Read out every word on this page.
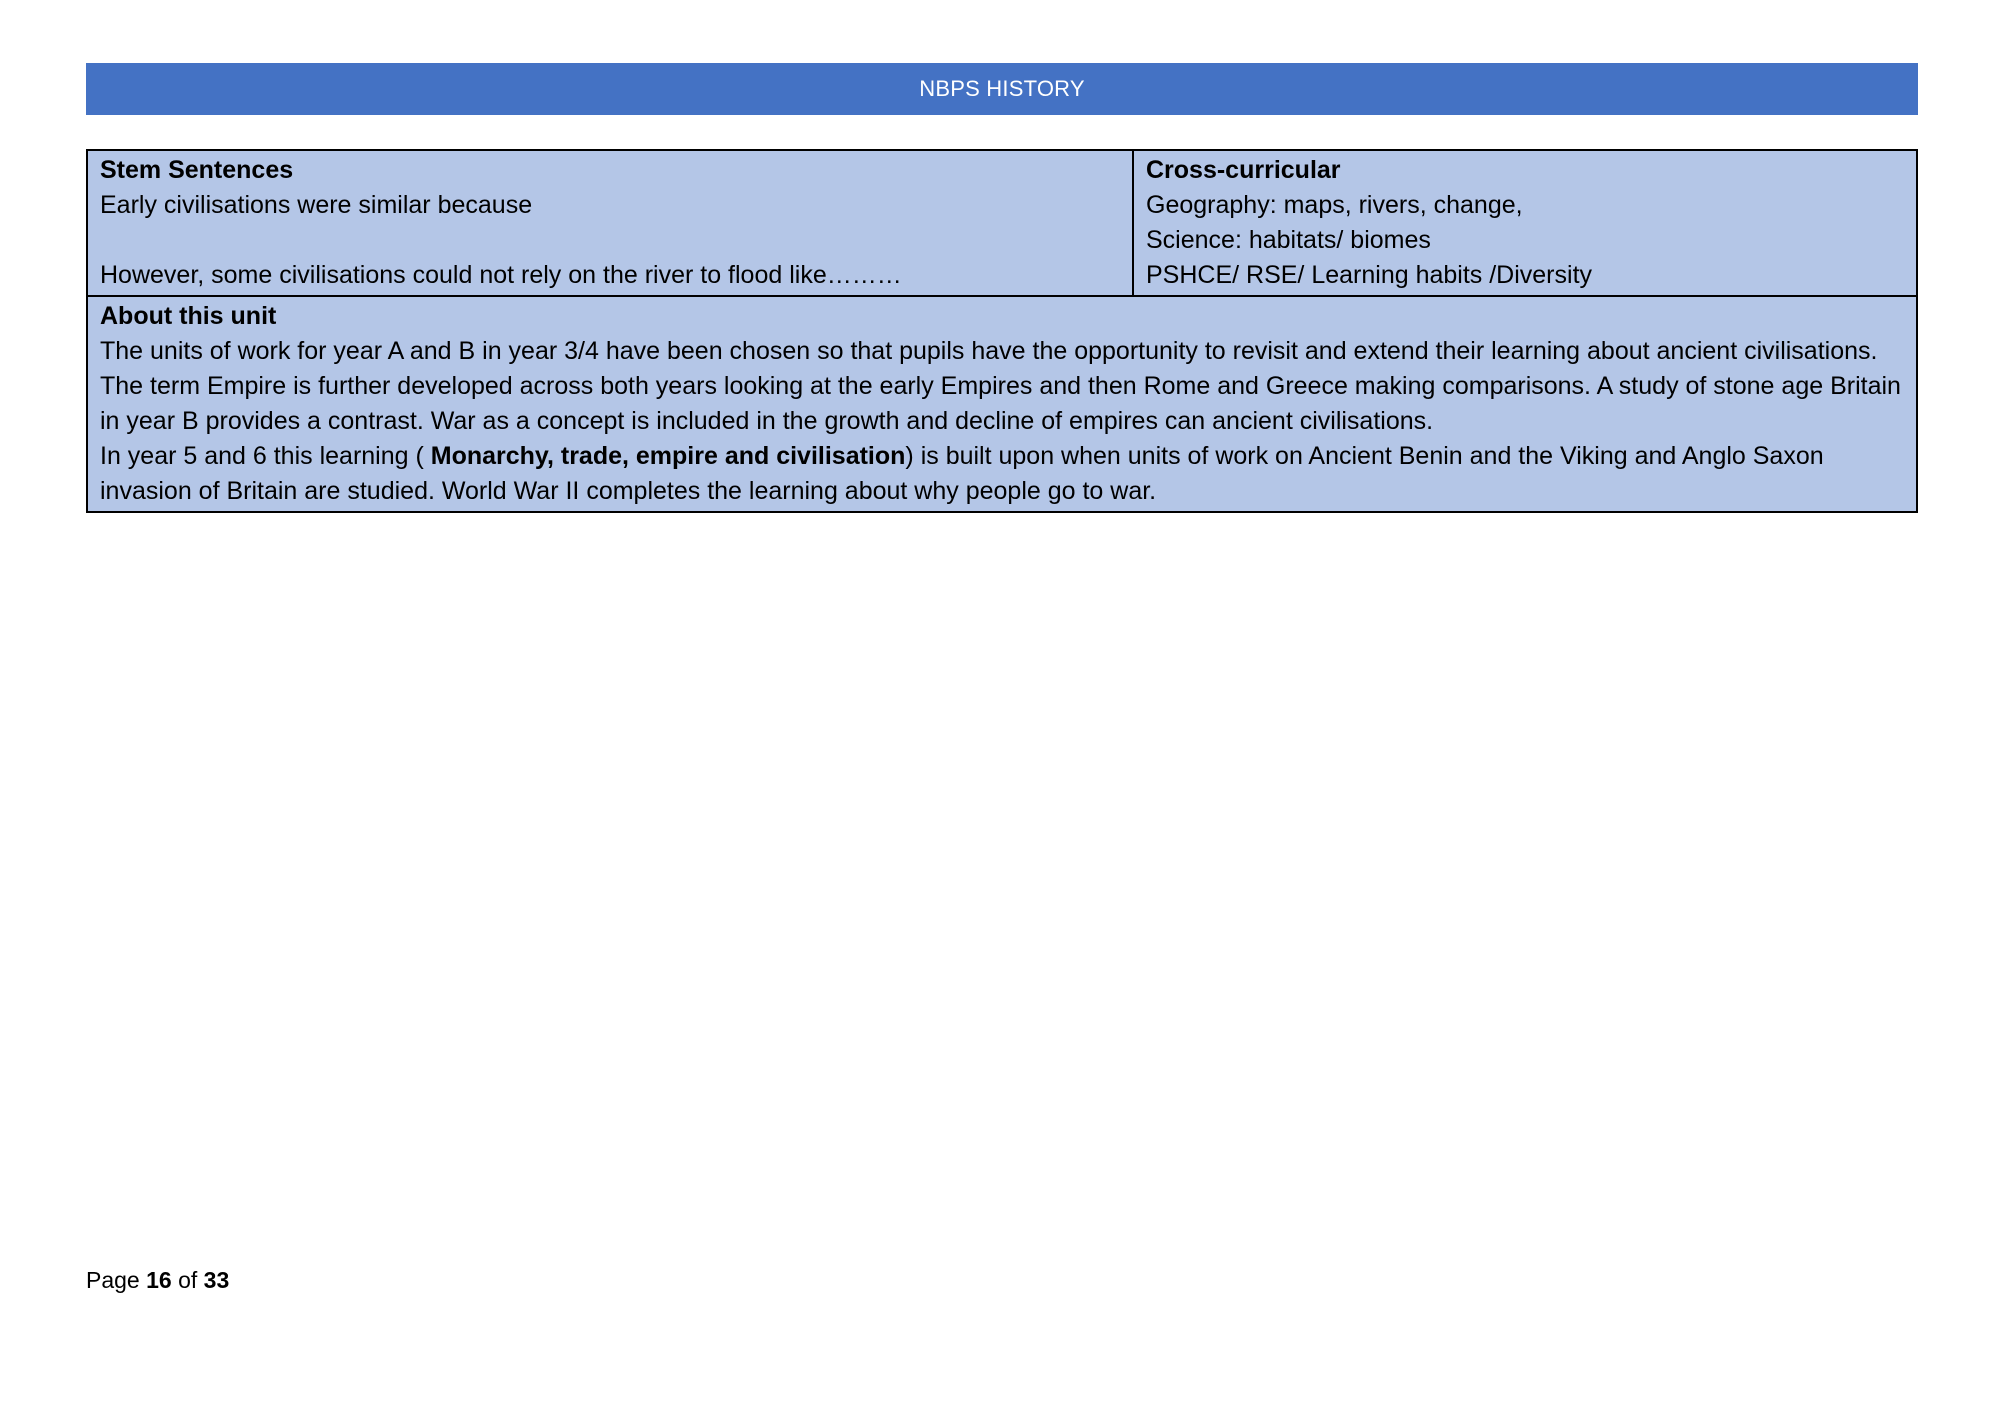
NBPS HISTORY
Stem Sentences
Early civilisations were similar because
However, some civilisations could not rely on the river to flood like………

Cross-curricular
Geography: maps, rivers, change,
Science: habitats/ biomes
PSHCE/ RSE/ Learning habits /Diversity

About this unit
The units of work for year A and B in year 3/4 have been chosen so that pupils have the opportunity to revisit and extend their learning about ancient civilisations. The term Empire is further developed across both years looking at the early Empires and then Rome and Greece making comparisons. A study of stone age Britain in year B provides a contrast. War as a concept is included in the growth and decline of empires can ancient civilisations.
In year 5 and 6 this learning ( Monarchy, trade, empire and civilisation) is built upon when units of work on Ancient Benin and the Viking and Anglo Saxon invasion of Britain are studied. World War II completes the learning about why people go to war.
Page 16 of 33
